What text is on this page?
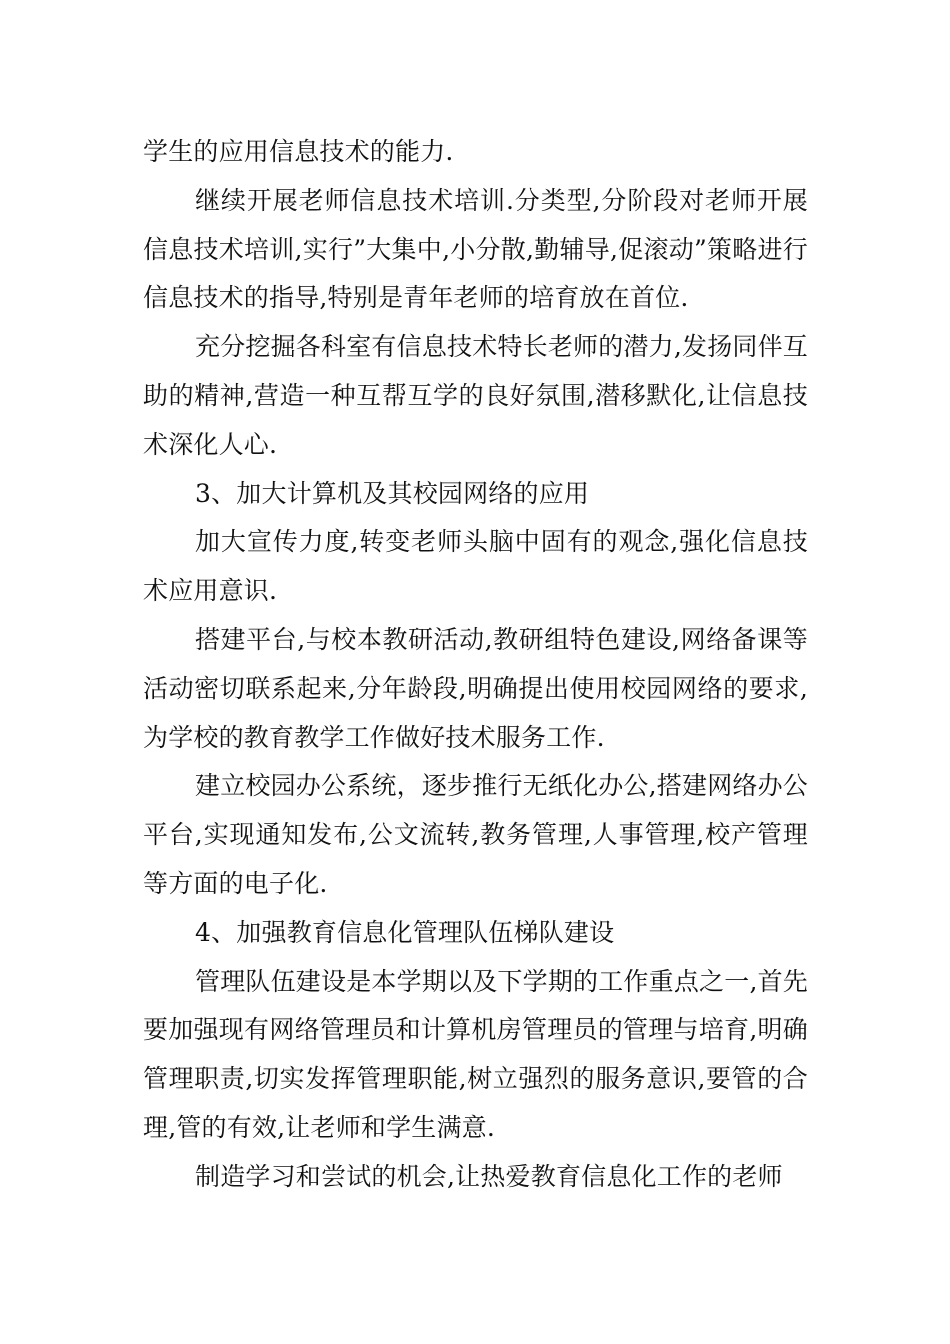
学生的应用信息技术的能力.

继续开展老师信息技术培训.分类型,分阶段对老师开展信息技术培训,实行”大集中,小分散,勤辅导,促滚动”策略进行信息技术的指导,特别是青年老师的培育放在首位.

充分挖掘各科室有信息技术特长老师的潜力,发扬同伴互助的精神,营造一种互帮互学的良好氛围,潜移默化,让信息技术深化人心.

3、加大计算机及其校园网络的应用

加大宣传力度,转变老师头脑中固有的观念,强化信息技术应用意识.

搭建平台,与校本教研活动,教研组特色建设,网络备课等活动密切联系起来,分年龄段,明确提出使用校园网络的要求,为学校的教育教学工作做好技术服务工作.

建立校园办公系统，逐步推行无纸化办公,搭建网络办公平台,实现通知发布,公文流转,教务管理,人事管理,校产管理等方面的电子化.

4、加强教育信息化管理队伍梯队建设

管理队伍建设是本学期以及下学期的工作重点之一,首先要加强现有网络管理员和计算机房管理员的管理与培育,明确管理职责,切实发挥管理职能,树立强烈的服务意识,要管的合理,管的有效,让老师和学生满意.

制造学习和尝试的机会,让热爱教育信息化工作的老师
